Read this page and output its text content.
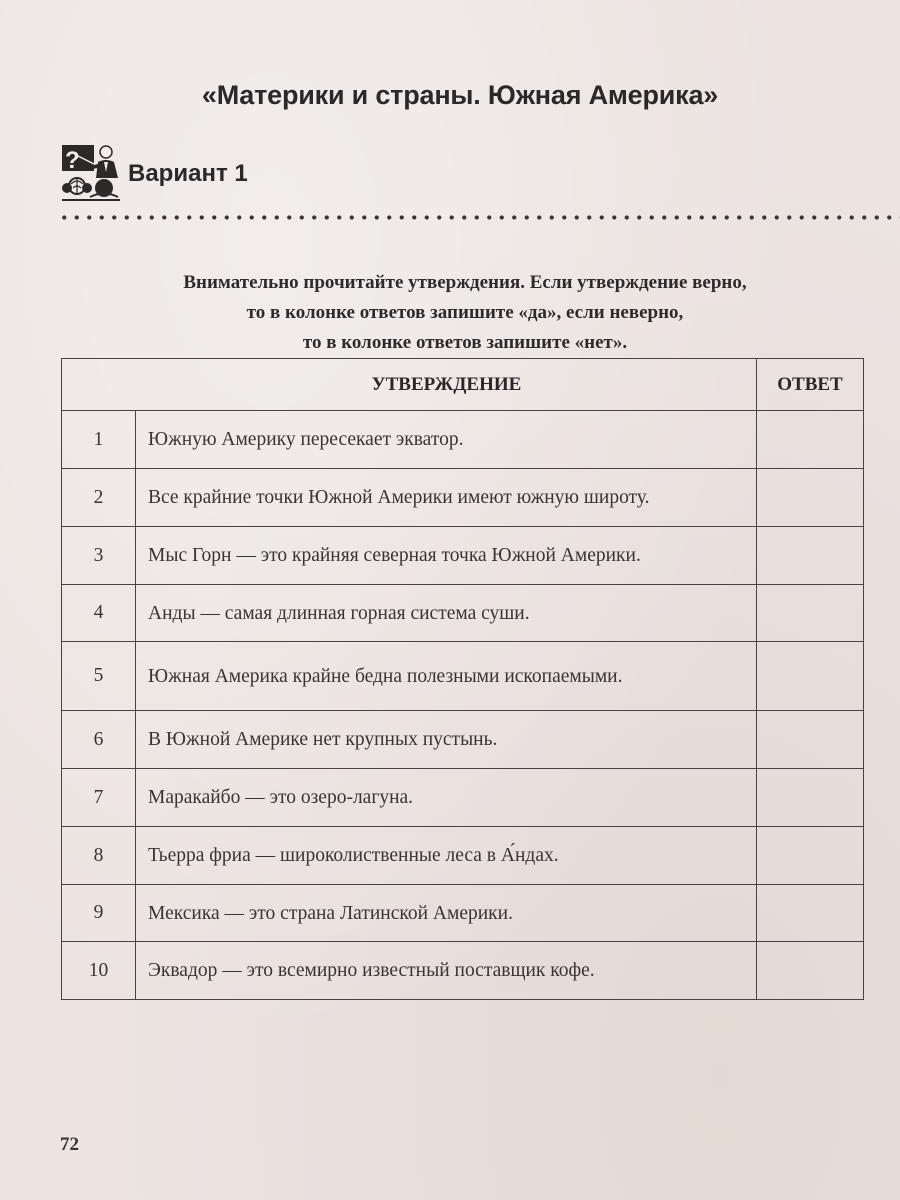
«Материки и страны. Южная Америка»
? Вариант 1
Внимательно прочитайте утверждения. Если утверждение верно,
то в колонке ответов запишите «да», если неверно,
то в колонке ответов запишите «нет».
УТВЕРЖДЕНИЕ		ОТВЕТ
1	Южную Америку пересекает экватор.	
2	Все крайние точки Южной Америки имеют южную широту.	
3	Мыс Горн — это крайняя северная точка Южной Америки.	
4	Анды — самая длинная горная система суши.	
5	Южная Америка крайне бедна полезными ископаемыми.	
6	В Южной Америке нет крупных пустынь.	
7	Маракайбо — это озеро-лагуна.	
8	Тьерра фриа — широколиственные леса в А́ндах.	
9	Мексика — это страна Латинской Америки.	
10	Эквадор — это всемирно известный поставщик кофе.	
72
